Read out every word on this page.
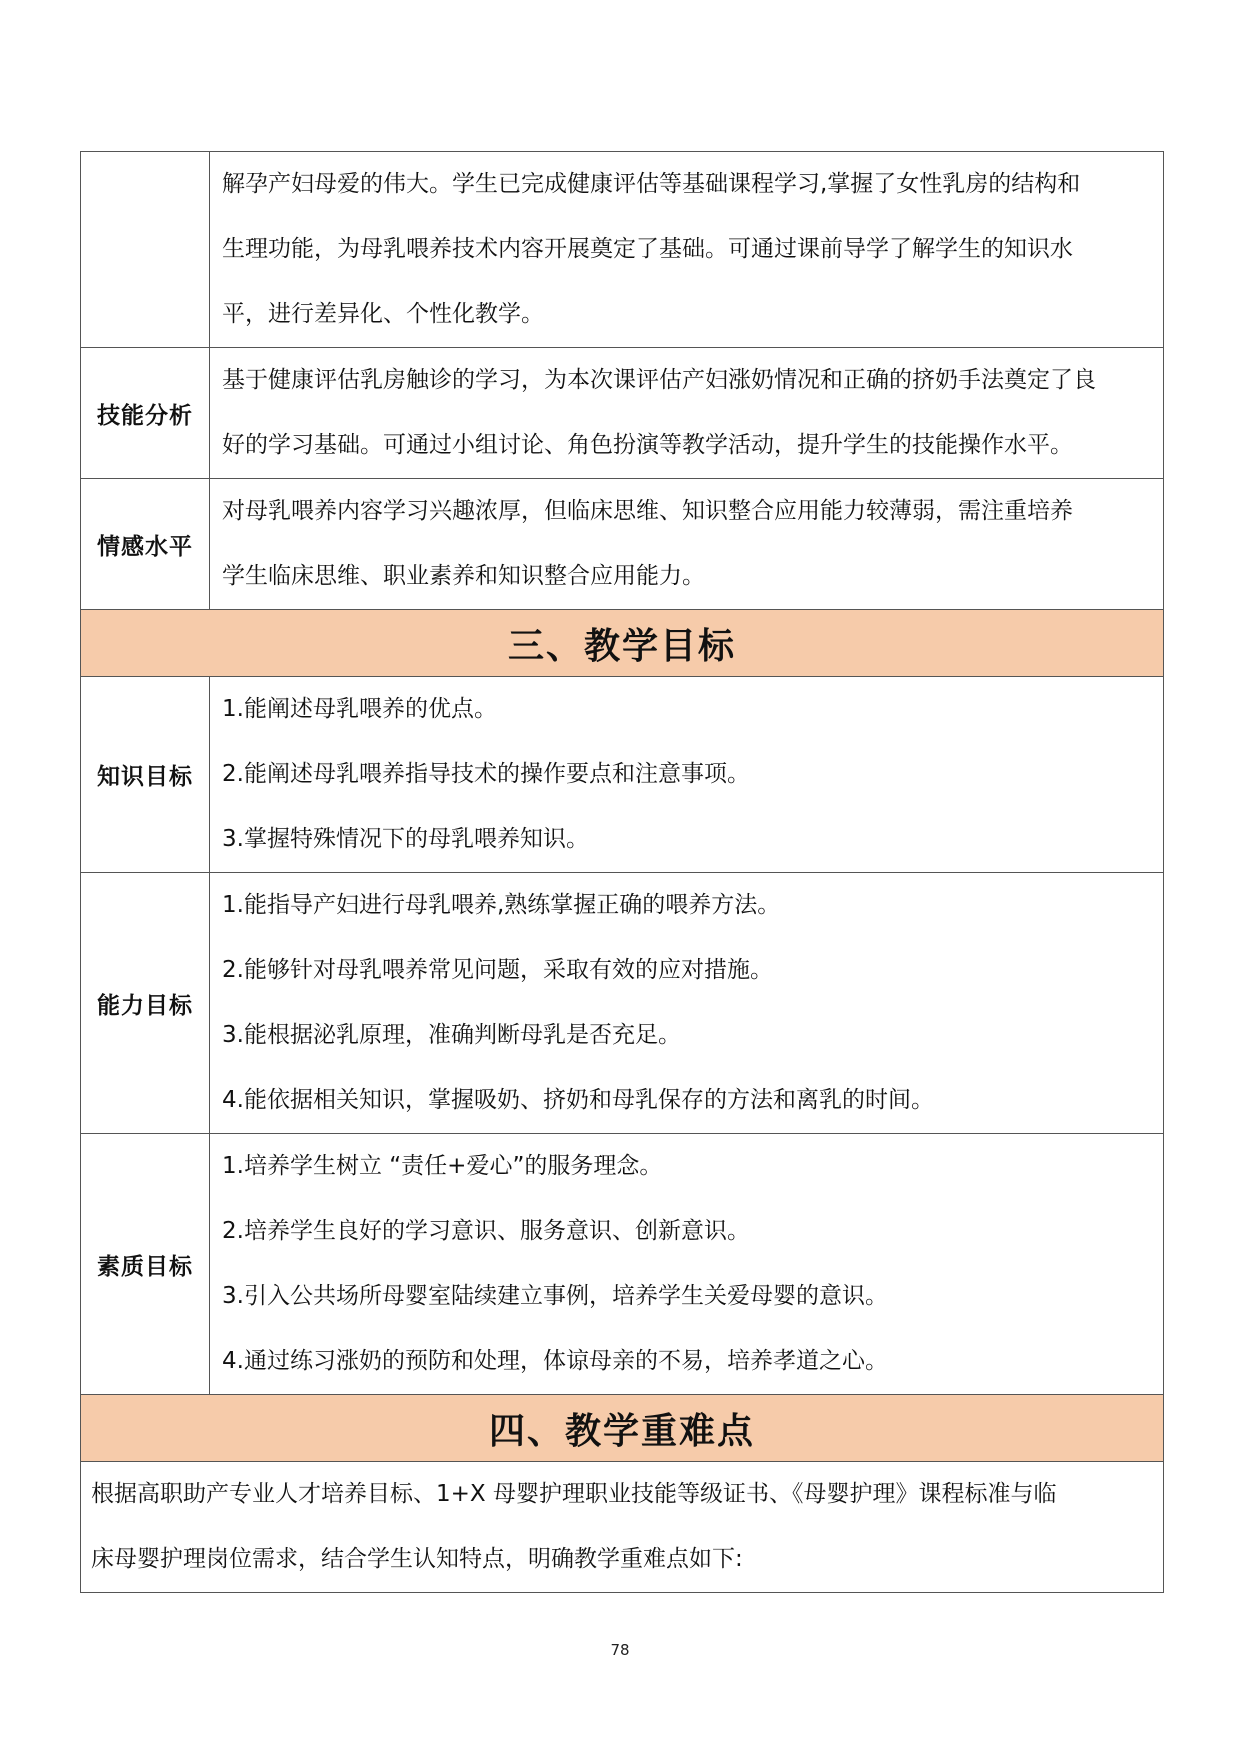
	解孕产妇母爱的伟大。学生已完成健康评估等基础课程学习,掌握了女性乳房的结构和
生理功能，为母乳喂养技术内容开展奠定了基础。可通过课前导学了解学生的知识水
平，进行差异化、个性化教学。

技能分析	基于健康评估乳房触诊的学习，为本次课评估产妇涨奶情况和正确的挤奶手法奠定了良
好的学习基础。可通过小组讨论、角色扮演等教学活动，提升学生的技能操作水平。

情感水平	对母乳喂养内容学习兴趣浓厚，但临床思维、知识整合应用能力较薄弱，需注重培养
学生临床思维、职业素养和知识整合应用能力。

三、教学目标	
知识目标	1.能阐述母乳喂养的优点。
2.能阐述母乳喂养指导技术的操作要点和注意事项。
3.掌握特殊情况下的母乳喂养知识。

能力目标	1.能指导产妇进行母乳喂养,熟练掌握正确的喂养方法。
2.能够针对母乳喂养常见问题，采取有效的应对措施。
3.能根据泌乳原理，准确判断母乳是否充足。
4.能依据相关知识，掌握吸奶、挤奶和母乳保存的方法和离乳的时间。

素质目标	1.培养学生树立 “责任+爱心”的服务理念。
2.培养学生良好的学习意识、服务意识、创新意识。
3.引入公共场所母婴室陆续建立事例，培养学生关爱母婴的意识。
4.通过练习涨奶的预防和处理，体谅母亲的不易，培养孝道之心。

四、教学重难点	

根据高职助产专业人才培养目标、1+X 母婴护理职业技能等级证书、《母婴护理》课程标准与临
床母婴护理岗位需求，结合学生认知特点，明确教学重难点如下:	
78
